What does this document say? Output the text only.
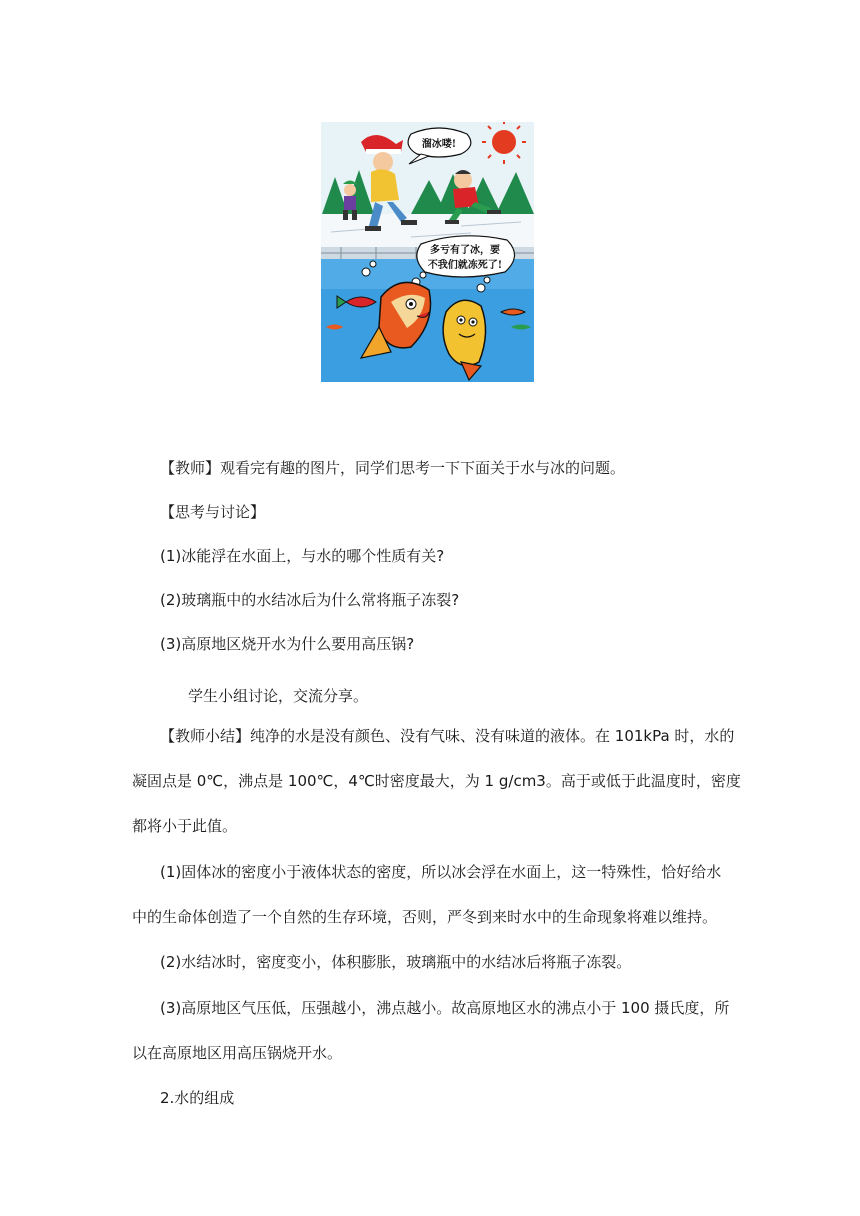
溜冰喽!
多亏有了冰，要
不我们就冻死了!
【教师】观看完有趣的图片，同学们思考一下下面关于水与冰的问题。
【思考与讨论】
(1)冰能浮在水面上，与水的哪个性质有关?
(2)玻璃瓶中的水结冰后为什么常将瓶子冻裂?
(3)高原地区烧开水为什么要用高压锅?
学生小组讨论，交流分享。
【教师小结】纯净的水是没有颜色、没有气味、没有味道的液体。在 101kPa 时，水的
凝固点是 0℃，沸点是 100℃，4℃时密度最大，为 1 g/cm3。高于或低于此温度时，密度
都将小于此值。
(1)固体冰的密度小于液体状态的密度，所以冰会浮在水面上，这一特殊性，恰好给水
中的生命体创造了一个自然的生存环境，否则，严冬到来时水中的生命现象将难以维持。
(2)水结冰时，密度变小，体积膨胀，玻璃瓶中的水结冰后将瓶子冻裂。
(3)高原地区气压低，压强越小，沸点越小。故高原地区水的沸点小于 100 摄氏度，所
以在高原地区用高压锅烧开水。
2.水的组成
